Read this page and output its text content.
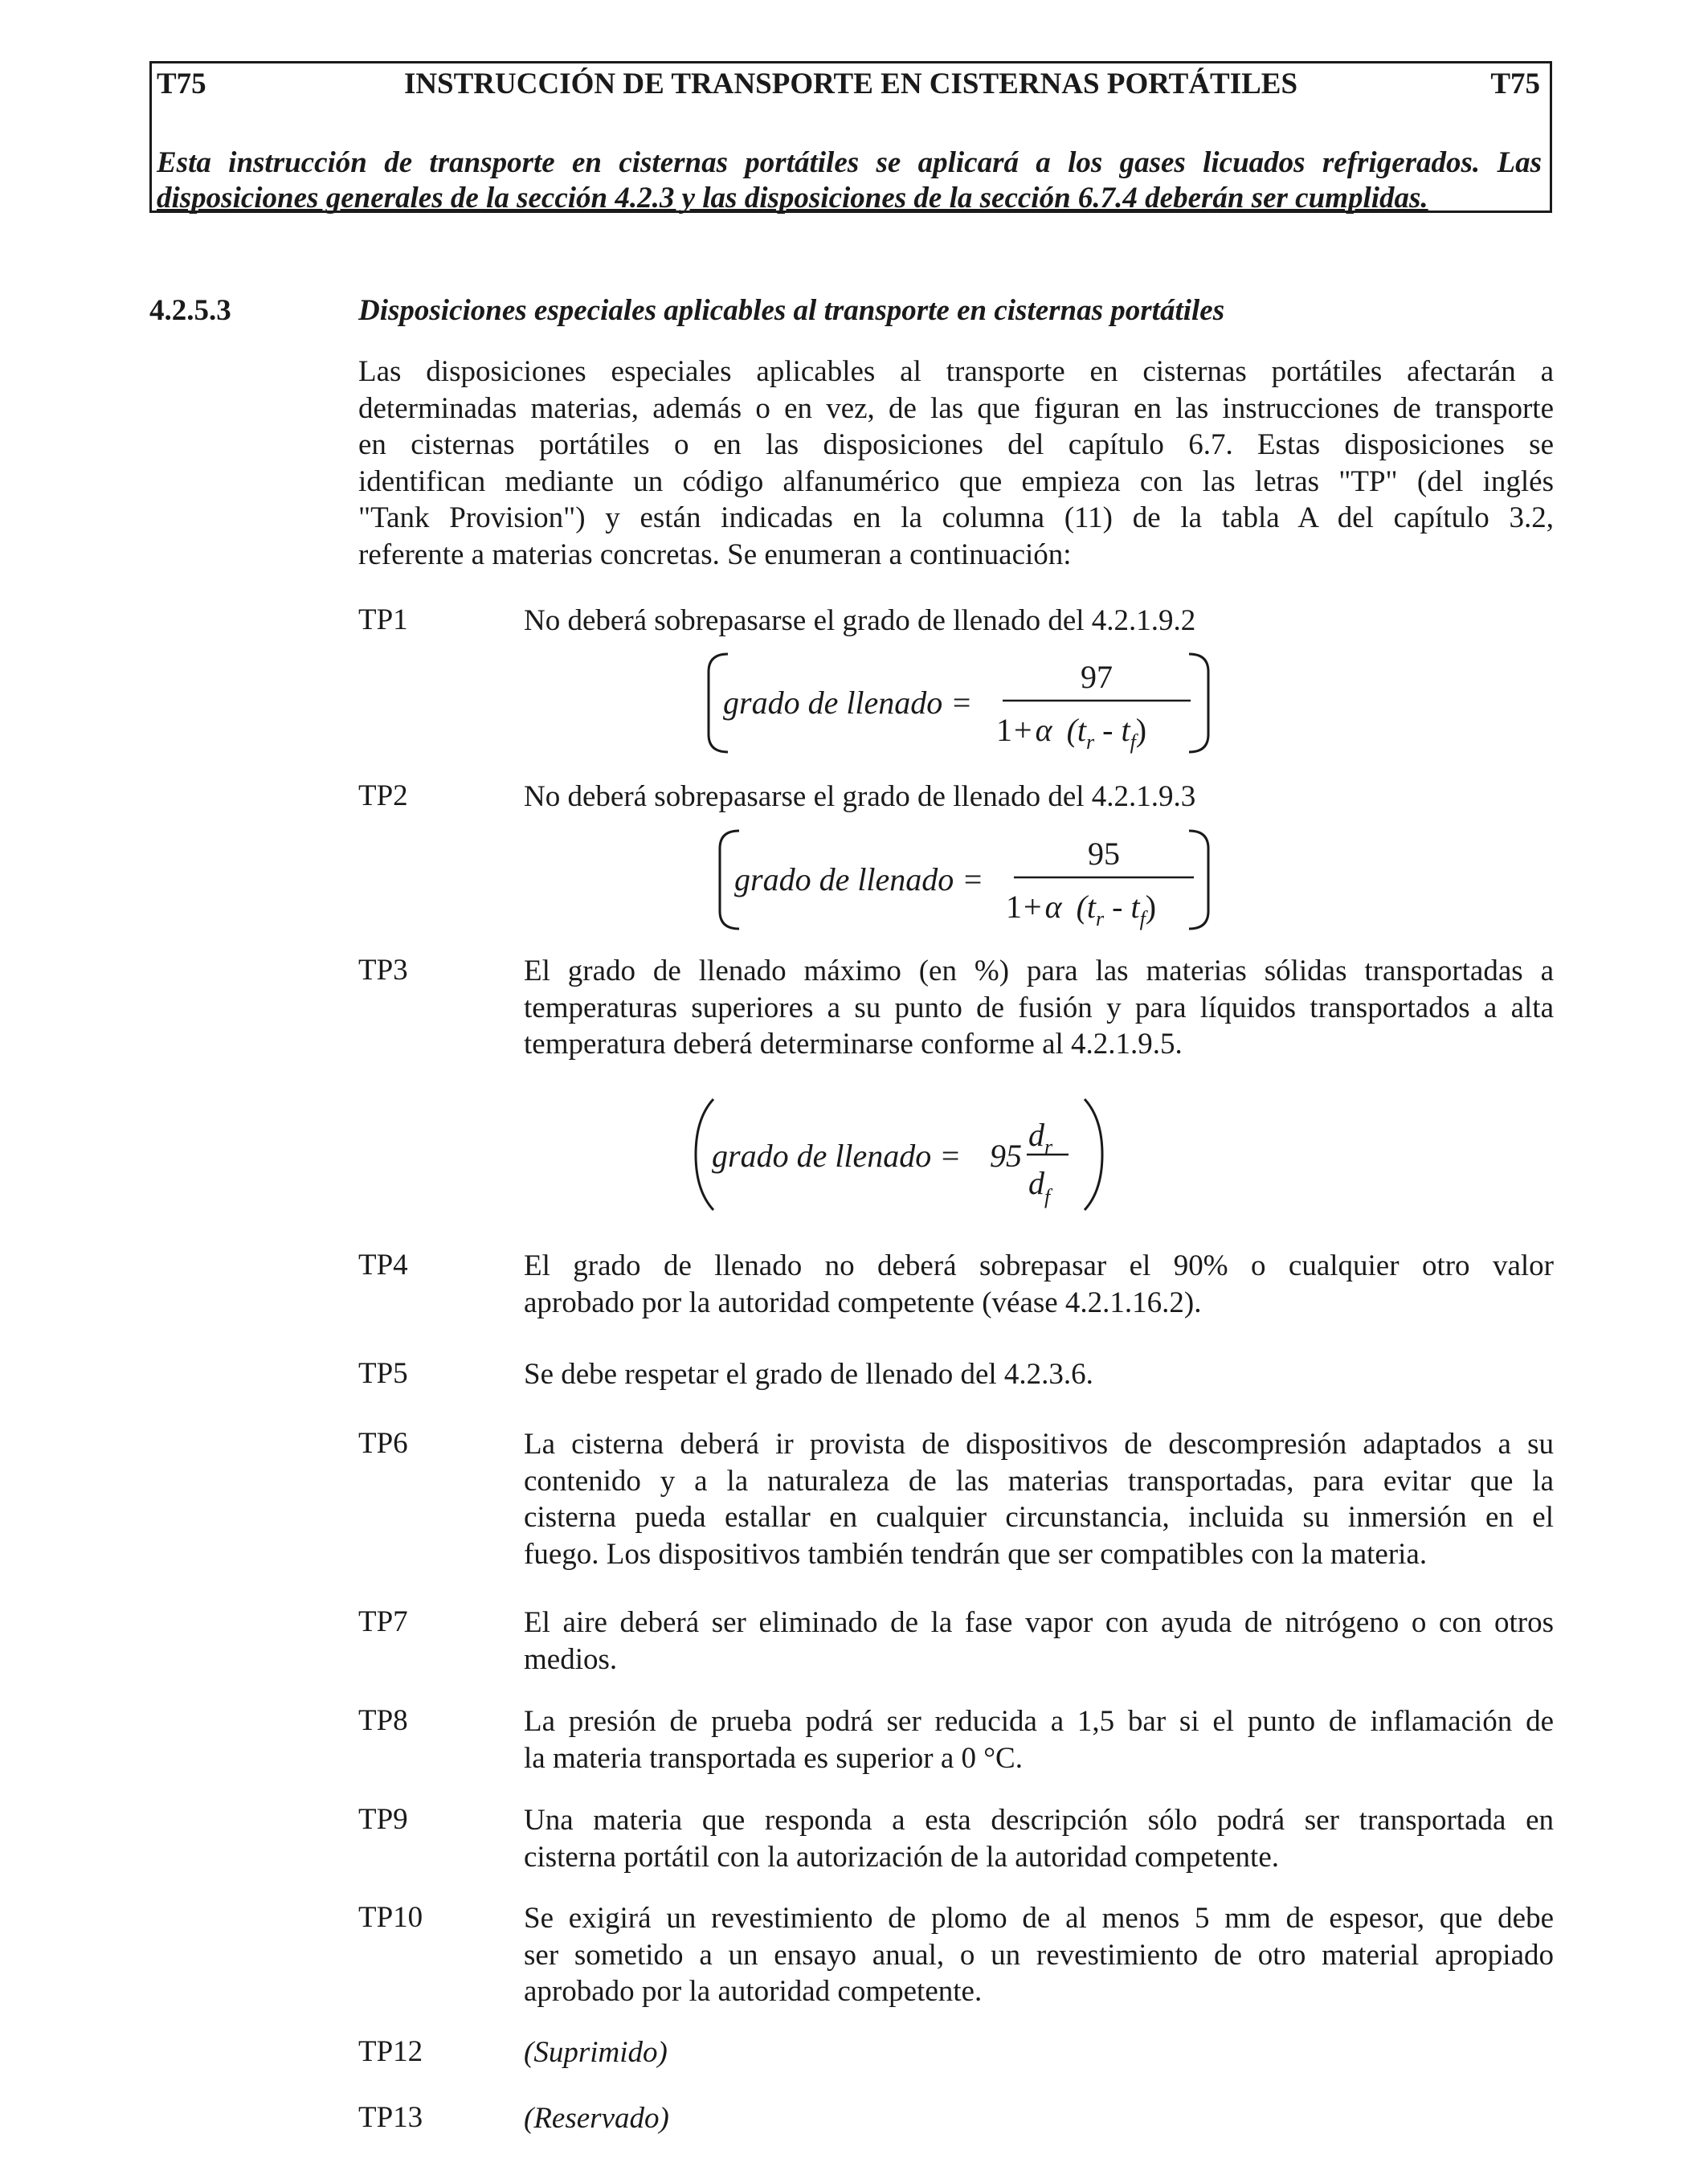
T75	INSTRUCCIÓN DE TRANSPORTE EN CISTERNAS PORTÁTILES	T75
Esta instrucción de transporte en cisternas portátiles se aplicará a los gases licuados refrigerados. Las
disposiciones generales de la sección 4.2.3 y las disposiciones de la sección 6.7.4 deberán ser cumplidas.
4.2.5.3	Disposiciones especiales aplicables al transporte en cisternas portátiles
Las disposiciones especiales aplicables al transporte en cisternas portátiles afectarán a
determinadas materias, además o en vez, de las que figuran en las instrucciones de transporte
en cisternas portátiles o en las disposiciones del capítulo 6.7. Estas disposiciones se
identifican mediante un código alfanumérico que empieza con las letras "TP" (del inglés
"Tank Provision") y están indicadas en la columna (11) de la tabla A del capítulo 3.2,
referente a materias concretas. Se enumeran a continuación:
TP1	No deberá sobrepasarse el grado de llenado del 4.2.1.9.2
grado de llenado =
97
1+ α $(t_r - t_f)$
TP2	No deberá sobrepasarse el grado de llenado del 4.2.1.9.3
grado de llenado =
95
1+ α $(t_r - t_f)$
TP3	El grado de llenado máximo (en %) para las materias sólidas transportadas a
temperaturas superiores a su punto de fusión y para líquidos transportados a alta
temperatura deberá determinarse conforme al 4.2.1.9.5.
grado de llenado = 95
$d_r$
$d_f$
TP4	El grado de llenado no deberá sobrepasar el 90% o cualquier otro valor
aprobado por la autoridad competente (véase 4.2.1.16.2).
TP5	Se debe respetar el grado de llenado del 4.2.3.6.
TP6	La cisterna deberá ir provista de dispositivos de descompresión adaptados a su
contenido y a la naturaleza de las materias transportadas, para evitar que la
cisterna pueda estallar en cualquier circunstancia, incluida su inmersión en el
fuego. Los dispositivos también tendrán que ser compatibles con la materia.
TP7	El aire deberá ser eliminado de la fase vapor con ayuda de nitrógeno o con otros
medios.
TP8	La presión de prueba podrá ser reducida a 1,5 bar si el punto de inflamación de
la materia transportada es superior a 0 °C.
TP9	Una materia que responda a esta descripción sólo podrá ser transportada en
cisterna portátil con la autorización de la autoridad competente.
TP10	Se exigirá un revestimiento de plomo de al menos 5 mm de espesor, que debe
ser sometido a un ensayo anual, o un revestimiento de otro material apropiado
aprobado por la autoridad competente.
TP12	(Suprimido)
TP13	(Reservado)
